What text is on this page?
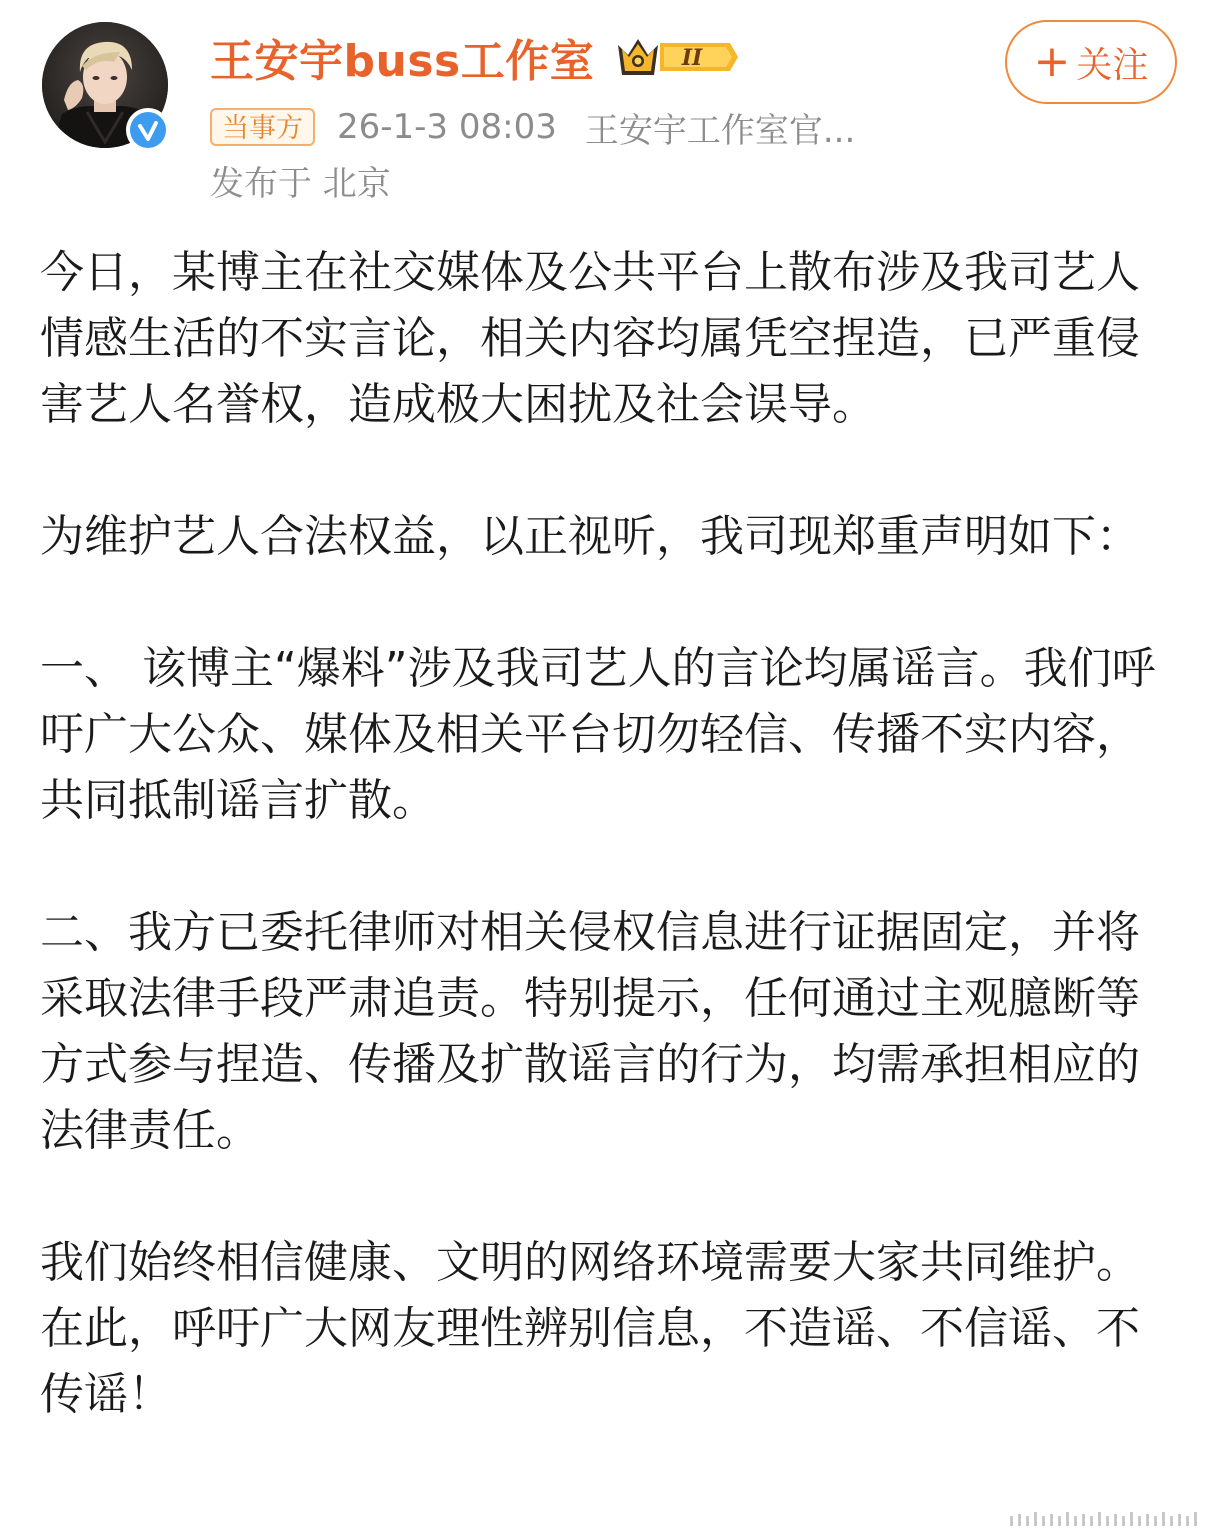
王安宇buss工作室	II
当事方	26-1-3 08:03 王安宇工作室官...
发布于 北京
+ 关注

今日，某博主在社交媒体及公共平台上散布涉及我司艺人情感生活的不实言论，相关内容均属凭空捏造，已严重侵害艺人名誉权，造成极大困扰及社会误导。

为维护艺人合法权益，以正视听，我司现郑重声明如下：

一、 该博主“爆料”涉及我司艺人的言论均属谣言。我们呼吁广大公众、媒体及相关平台切勿轻信、传播不实内容，共同抵制谣言扩散。

二、我方已委托律师对相关侵权信息进行证据固定，并将采取法律手段严肃追责。特别提示，任何通过主观臆断等方式参与捏造、传播及扩散谣言的行为，均需承担相应的法律责任。

我们始终相信健康、文明的网络环境需要大家共同维护。在此，呼吁广大网友理性辨别信息，不造谣、不信谣、不传谣！
